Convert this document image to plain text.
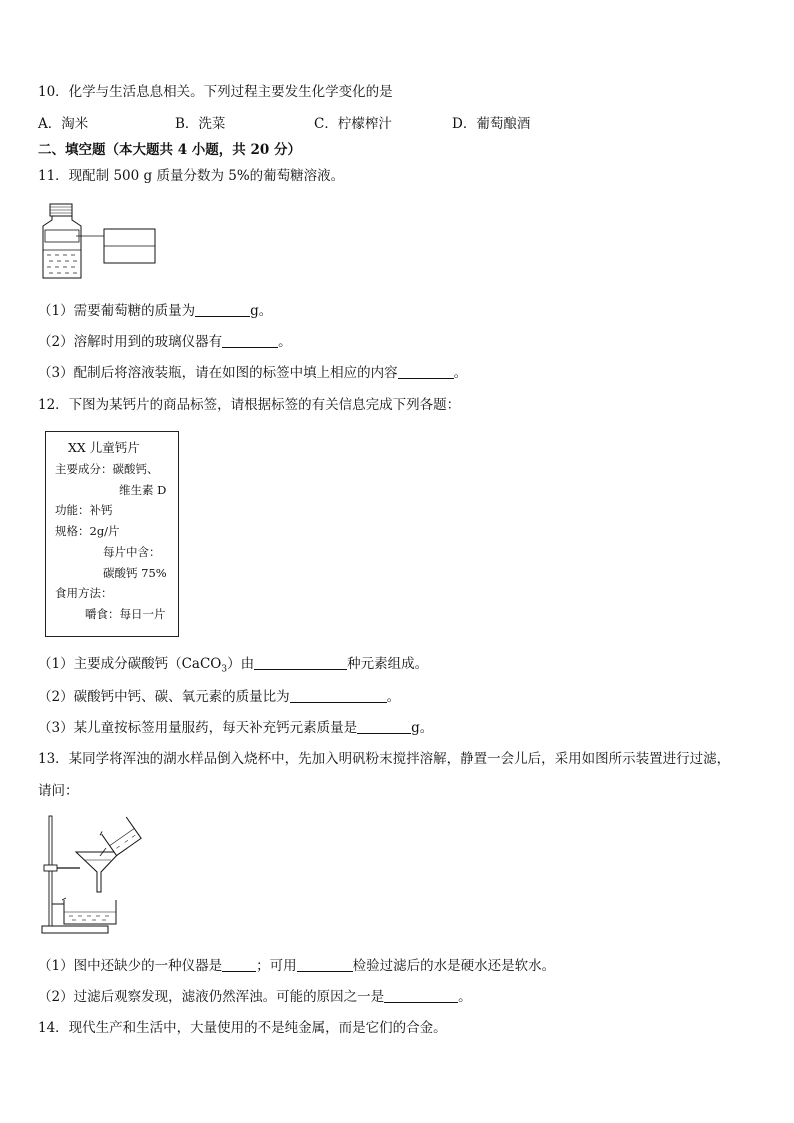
10．化学与生活息息相关。下列过程主要发生化学变化的是
A．淘米	B．洗菜	C．柠檬榨汁	D．葡萄酿酒
二、填空题（本大题共 4 小题，共 20 分）
11．现配制 500 g 质量分数为 5%的葡萄糖溶液。
（1）需要葡萄糖的质量为	g。
（2）溶解时用到的玻璃仪器有	。
（3）配制后将溶液装瓶，请在如图的标签中填上相应的内容	。
12．下图为某钙片的商品标签，请根据标签的有关信息完成下列各题：
XX 儿童钙片
主要成分：碳酸钙、
维生素 D
功能：补钙
规格：2g/片
每片中含：
碳酸钙 75%
食用方法：
嚼食：每日一片
（1）主要成分碳酸钙（CaCO$_3$）由	种元素组成。
（2）碳酸钙中钙、碳、氧元素的质量比为	。
（3）某儿童按标签用量服药，每天补充钙元素质量是	g。
13．某同学将浑浊的湖水样品倒入烧杯中，先加入明矾粉末搅拌溶解，静置一会儿后，采用如图所示装置进行过滤，
请问：
（1）图中还缺少的一种仪器是	；可用	检验过滤后的水是硬水还是软水。
（2）过滤后观察发现，滤液仍然浑浊。可能的原因之一是	。
14．现代生产和生活中，大量使用的不是纯金属，而是它们的合金。
